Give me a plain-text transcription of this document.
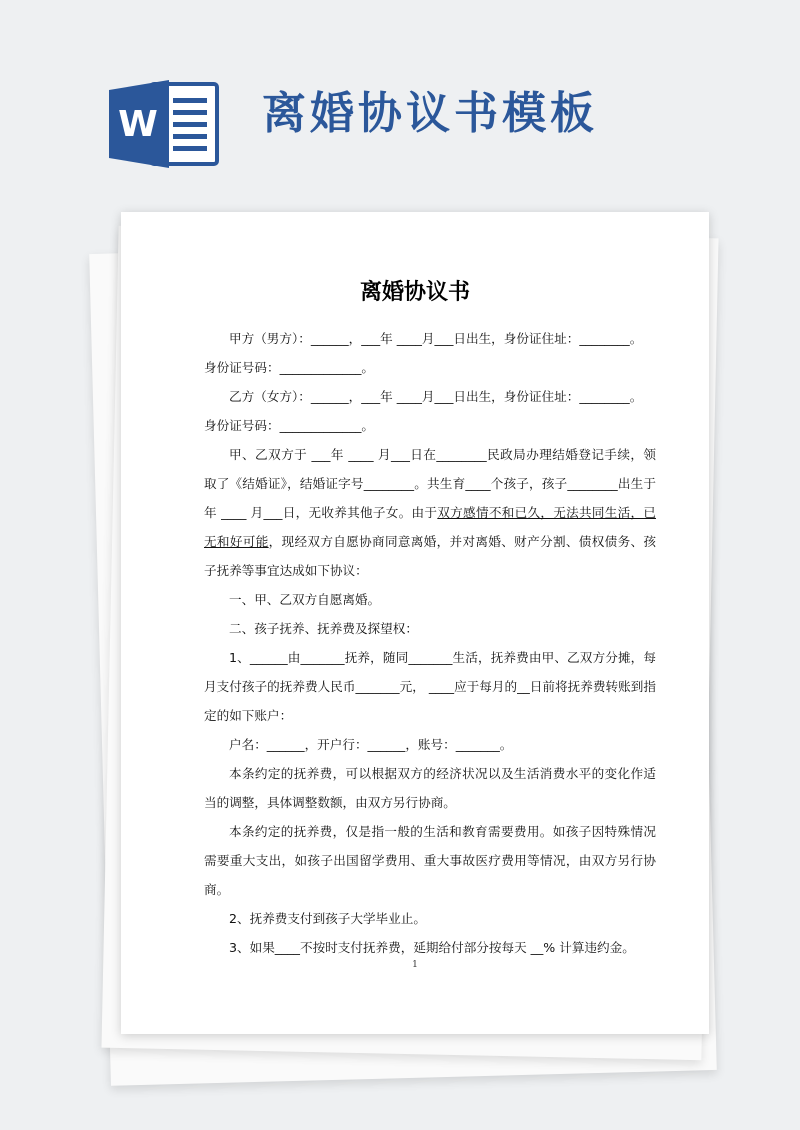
W 离婚协议书模板
离婚协议书

甲方（男方）：______，___年 ____月___日出生，身份证住址：________。

身份证号码：_____________。

乙方（女方）：______，___年 ____月___日出生，身份证住址：________。

身份证号码：_____________。

甲、乙双方于 ___年 ____ 月___日在________民政局办理结婚登记手续，领取了《结婚证》，结婚证字号________。共生育____个孩子，孩子________出生于年 ____ 月___日，无收养其他子女。由于双方感情不和已久，无法共同生活，已无和好可能，现经双方自愿协商同意离婚，并对离婚、财产分割、债权债务、孩子抚养等事宜达成如下协议：

一、甲、乙双方自愿离婚。

二、孩子抚养、抚养费及探望权：

1、______由_______抚养，随同_______生活，抚养费由甲、乙双方分摊，每月支付孩子的抚养费人民币_______元， ____应于每月的__日前将抚养费转账到指定的如下账户：

户名：______，开户行：______，账号：_______。

本条约定的抚养费，可以根据双方的经济状况以及生活消费水平的变化作适当的调整，具体调整数额，由双方另行协商。

本条约定的抚养费，仅是指一般的生活和教育需要费用。如孩子因特殊情况需要重大支出，如孩子出国留学费用、重大事故医疗费用等情况，由双方另行协商。

2、抚养费支付到孩子大学毕业止。

3、如果____不按时支付抚养费，延期给付部分按每天 __% 计算违约金。

1
